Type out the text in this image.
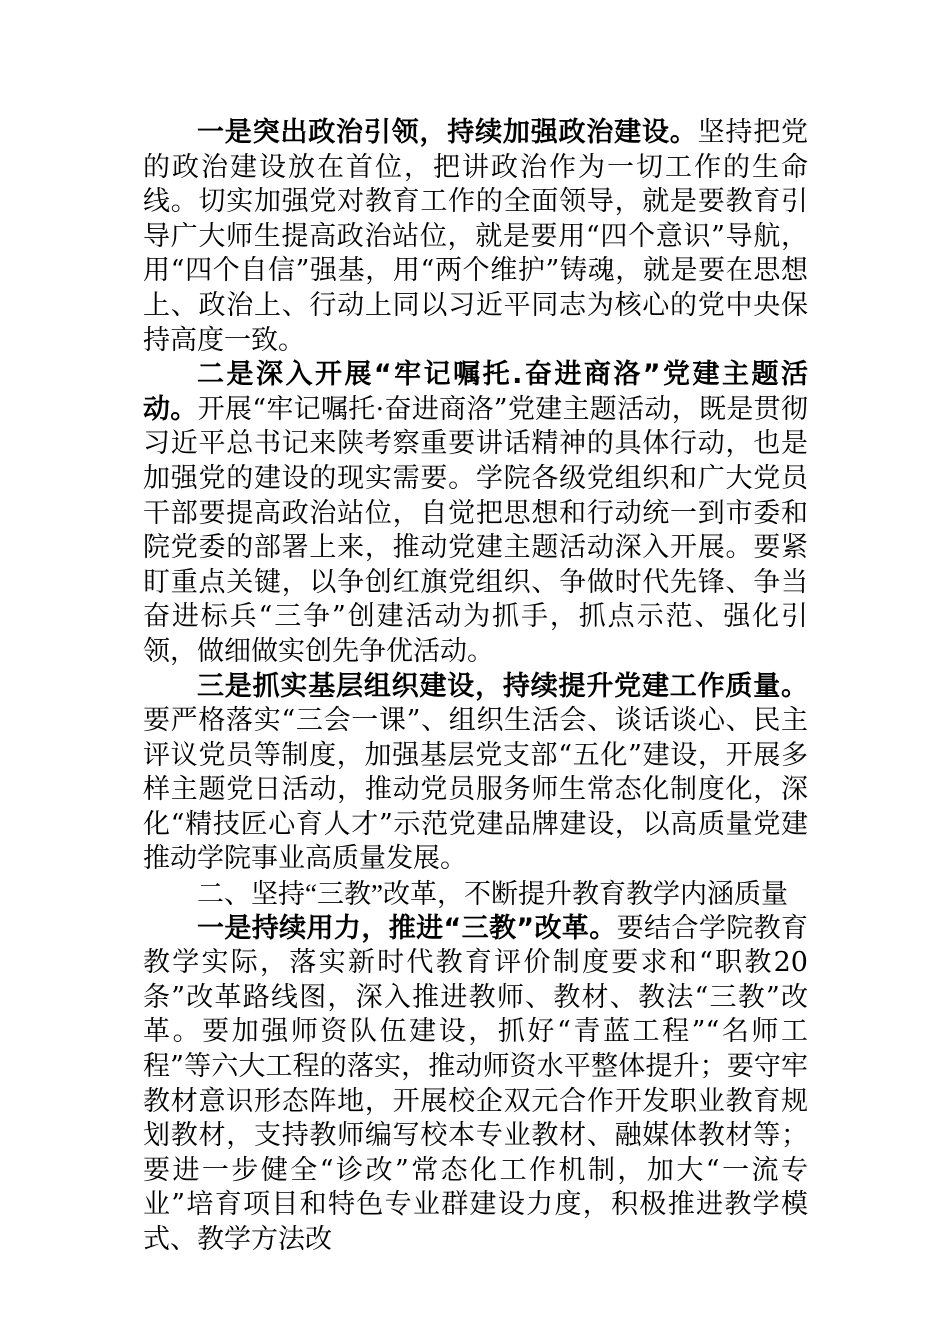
一是突出政治引领，持续加强政治建设。坚持把党的政治建设放在首位，把讲政治作为一切工作的生命线。切实加强党对教育工作的全面领导，就是要教育引导广大师生提高政治站位，就是要用“四个意识”导航，用“四个自信”强基，用“两个维护”铸魂，就是要在思想上、政治上、行动上同以习近平同志为核心的党中央保持高度一致。

二是深入开展“牢记嘱托.奋进商洛”党建主题活动。开展“牢记嘱托·奋进商洛”党建主题活动，既是贯彻习近平总书记来陕考察重要讲话精神的具体行动，也是加强党的建设的现实需要。学院各级党组织和广大党员干部要提高政治站位，自觉把思想和行动统一到市委和院党委的部署上来，推动党建主题活动深入开展。要紧盯重点关键，以争创红旗党组织、争做时代先锋、争当奋进标兵“三争”创建活动为抓手，抓点示范、强化引领，做细做实创先争优活动。

三是抓实基层组织建设，持续提升党建工作质量。要严格落实“三会一课”、组织生活会、谈话谈心、民主评议党员等制度，加强基层党支部“五化”建设，开展多样主题党日活动，推动党员服务师生常态化制度化，深化“精技匠心育人才”示范党建品牌建设，以高质量党建推动学院事业高质量发展。

二、坚持“三教”改革，不断提升教育教学内涵质量

一是持续用力，推进“三教”改革。要结合学院教育教学实际，落实新时代教育评价制度要求和“职教20条”改革路线图，深入推进教师、教材、教法“三教”改革。要加强师资队伍建设，抓好“青蓝工程”“名师工程”等六大工程的落实，推动师资水平整体提升；要守牢教材意识形态阵地，开展校企双元合作开发职业教育规划教材，支持教师编写校本专业教材、融媒体教材等；要进一步健全“诊改”常态化工作机制，加大“一流专业”培育项目和特色专业群建设力度，积极推进教学模式、教学方法改
